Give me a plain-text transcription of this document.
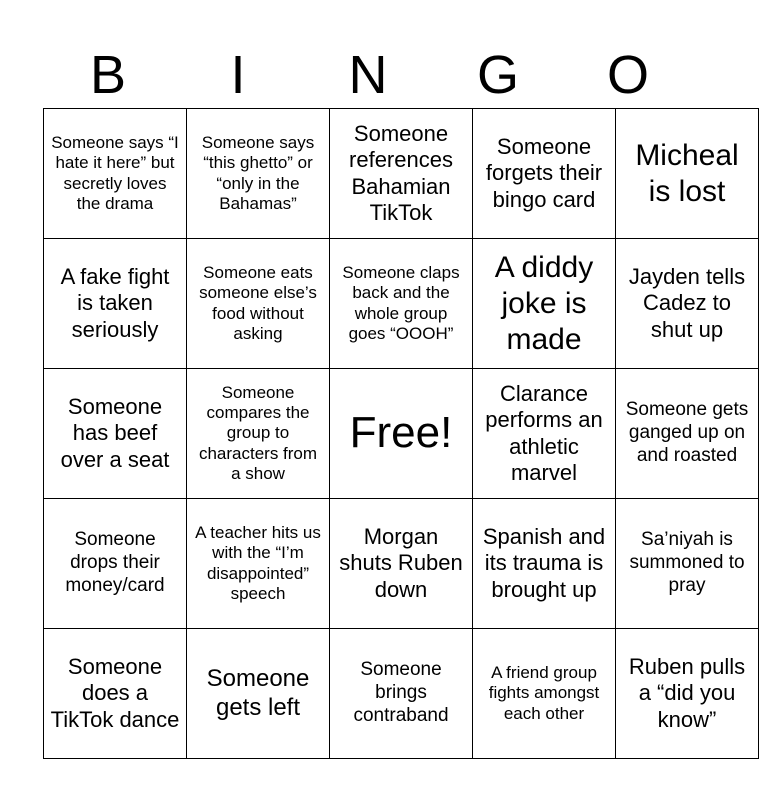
B	I	N	G	O
Someone says “I hate it here” but secretly loves the drama	Someone says “this ghetto” or “only in the Bahamas”	Someone references Bahamian TikTok	Someone forgets their bingo card	Micheal is lost
A fake fight is taken seriously	Someone eats someone else’s food without asking	Someone claps back and the whole group goes “OOOH”	A diddy joke is made	Jayden tells Cadez to shut up
Someone has beef over a seat	Someone compares the group to characters from a show	Free!	Clarance performs an athletic marvel	Someone gets ganged up on and roasted
Someone drops their money/card	A teacher hits us with the “I’m disappointed” speech	Morgan shuts Ruben down	Spanish and its trauma is brought up	Sa’niyah is summoned to pray
Someone does a TikTok dance	Someone gets left	Someone brings contraband	A friend group fights amongst each other	Ruben pulls a “did you know”
